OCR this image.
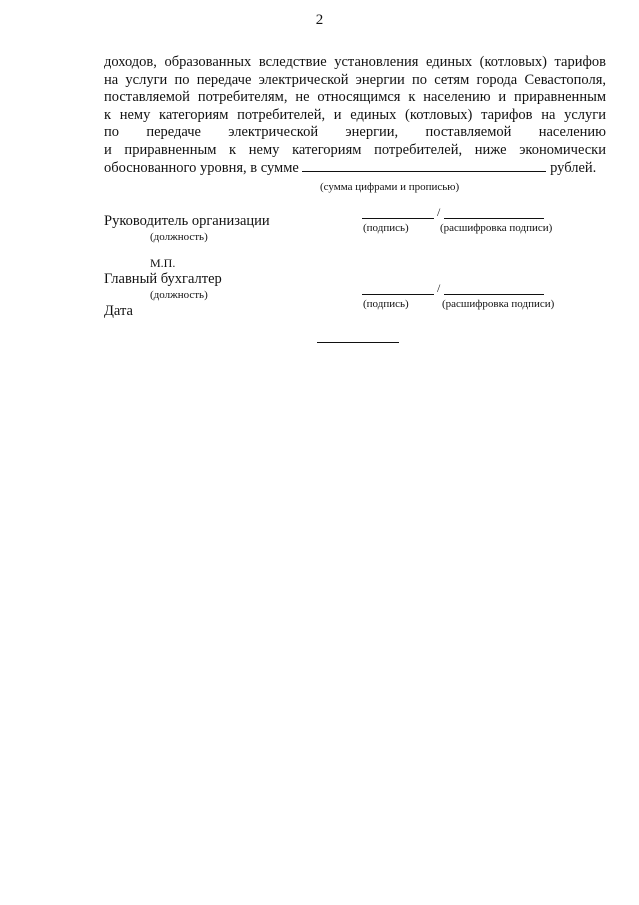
2
доходов, образованных вследствие установления единых (котловых) тарифов
на услуги по передаче электрической энергии по сетям города Севастополя,
поставляемой потребителям, не относящимся к населению и приравненным
к нему категориям потребителей, и единых (котловых) тарифов на услуги
по передаче электрической энергии, поставляемой населению
и приравненным к нему категориям потребителей, ниже экономически
обоснованного уровня, в сумме	рублей.
(сумма цифрами и прописью)
Руководитель организации
(должность)
/
(подпись)	(расшифровка подписи)
М.П.
Главный бухгалтер
(должность)	/
(подпись)	(расшифровка подписи)
Дата
